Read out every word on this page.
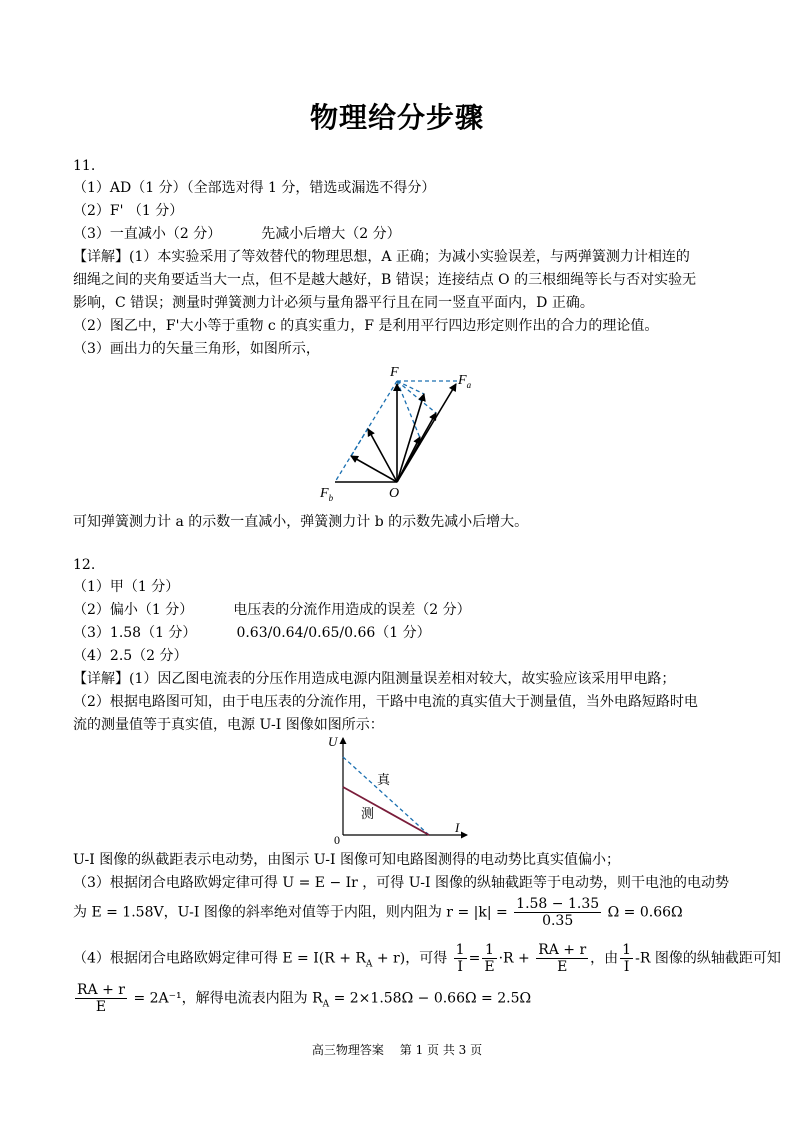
物理给分步骤
11.
（1）AD（1 分）（全部选对得 1 分，错选或漏选不得分）
（2）F' （1 分）
（3）一直减小（2 分）	先减小后增大（2 分）
【详解】(1）本实验采用了等效替代的物理思想，A 正确；为减小实验误差，与两弹簧测力计相连的
细绳之间的夹角要适当大一点，但不是越大越好，B 错误；连接结点 O 的三根细绳等长与否对实验无
影响，C 错误；测量时弹簧测力计必须与量角器平行且在同一竖直平面内，D 正确。
（2）图乙中，F'大小等于重物 c 的真实重力，F 是利用平行四边形定则作出的合力的理论值。
（3）画出力的矢量三角形，如图所示，
F
$F_a$
$F_b$	O
可知弹簧测力计 a 的示数一直减小，弹簧测力计 b 的示数先减小后增大。
12.
（1）甲（1 分）
（2）偏小（1 分）	电压表的分流作用造成的误差（2 分）
（3）1.58（1 分）	0.63/0.64/0.65/0.66（1 分）
（4）2.5（2 分）
【详解】(1）因乙图电流表的分压作用造成电源内阻测量误差相对较大，故实验应该采用甲电路；
（2）根据电路图可知，由于电压表的分流作用，干路中电流的真实值大于测量值，当外电路短路时电
流的测量值等于真实值，电源 U-I 图像如图所示：
U
I
0
真
测
U-I 图像的纵截距表示电动势，由图示 U-I 图像可知电路图测得的电动势比真实值偏小；
（3）根据闭合电路欧姆定律可得 U = E − Ir ，可得 U-I 图像的纵轴截距等于电动势，则干电池的电动势
为 E = 1.58V，U-I 图像的斜率绝对值等于内阻，则内阻为 $r = |k| = \frac{1.58 - 1.35}{0.35}$ Ω = 0.66Ω
（4）根据闭合电路欧姆定律可得 $E = I(R + R_A + r)$，可得 $\frac{1}{I} = \frac{1}{E} \cdot R + \frac{RA + r}{E}$ ，由 $\frac{1}{I} -R$ 图像的纵轴截距可知
$\frac{RA + r}{E} = 2A^{-1}$，解得电流表内阻为 $R_A = 2\times 1.58\Omega - 0.66\Omega = 2.5\Omega$
高三物理答案 第 1 页 共 3 页
